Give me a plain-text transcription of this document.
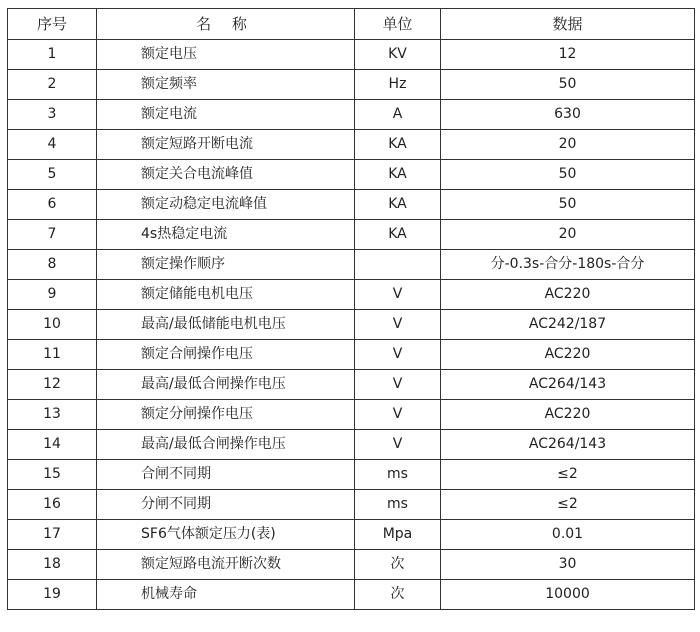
序号	名 称	单位	数据
1	额定电压	KV	12
2	额定频率	Hz	50
3	额定电流	A	630
4	额定短路开断电流	KA	20
5	额定关合电流峰值	KA	50
6	额定动稳定电流峰值	KA	50
7	4s热稳定电流	KA	20
8	额定操作顺序		分-0.3s-合分-180s-合分
9	额定储能电机电压	V	AC220
10	最高/最低储能电机电压	V	AC242/187
11	额定合闸操作电压	V	AC220
12	最高/最低合闸操作电压	V	AC264/143
13	额定分闸操作电压	V	AC220
14	最高/最低合闸操作电压	V	AC264/143
15	合闸不同期	ms	≤2
16	分闸不同期	ms	≤2
17	SF6气体额定压力(表)	Mpa	0.01
18	额定短路电流开断次数	次	30
19	机械寿命	次	10000
